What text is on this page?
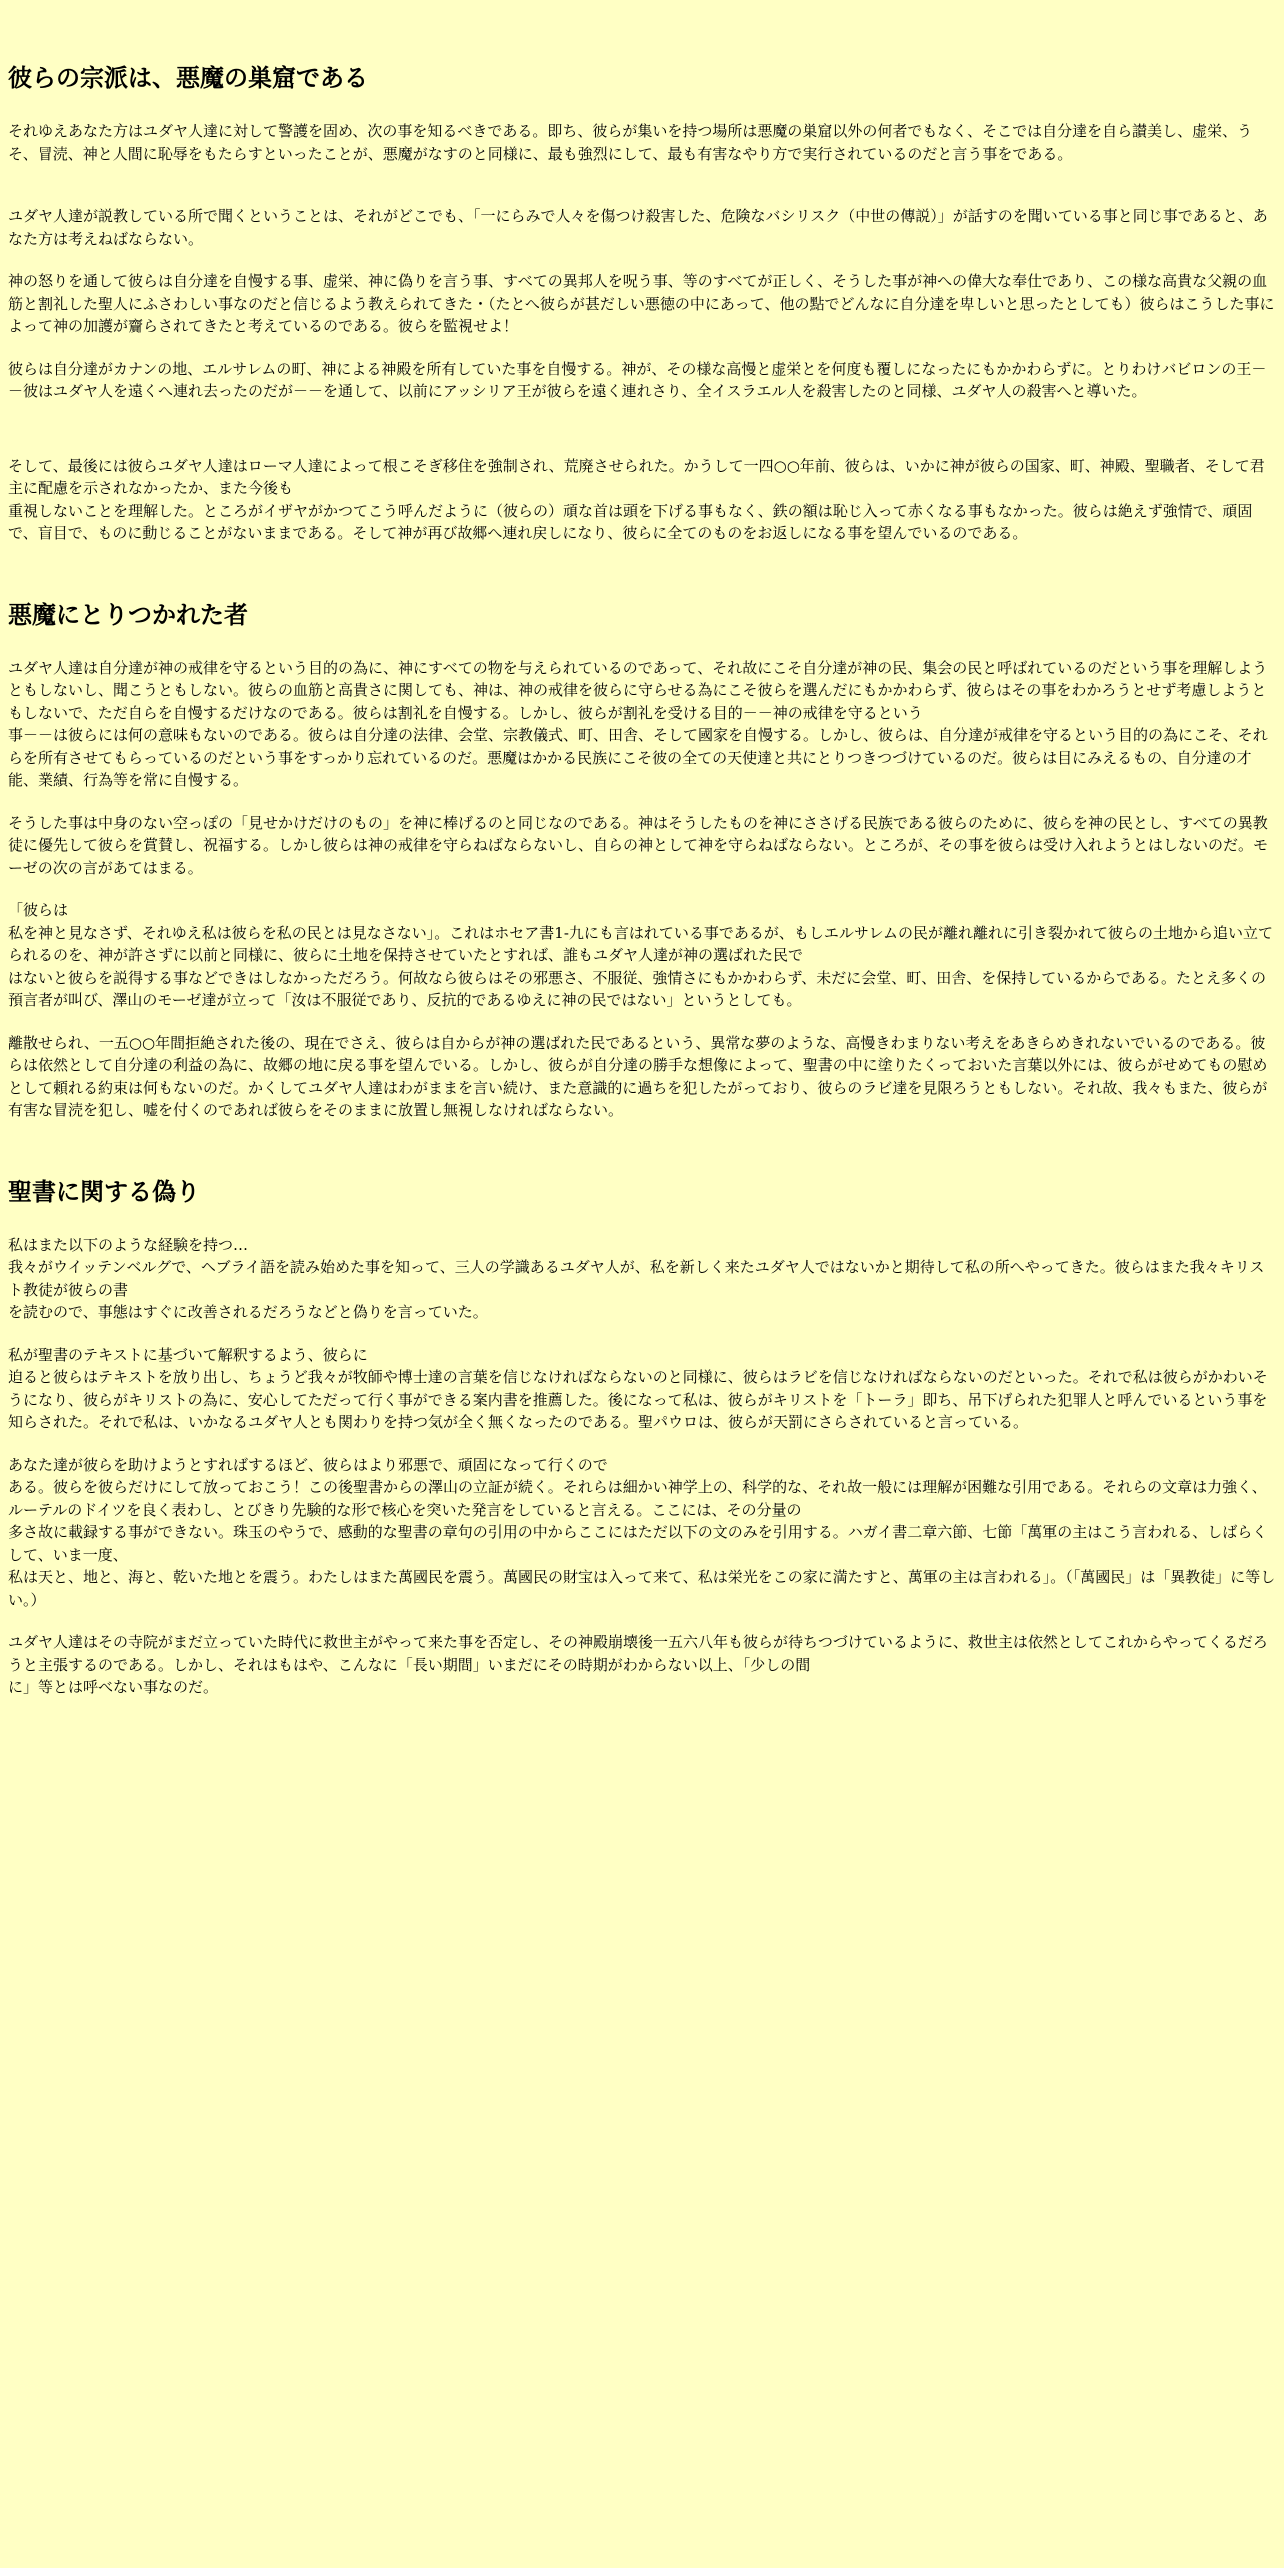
彼らの宗派は、悪魔の巣窟である

それゆえあなた方はユダヤ人達に対して警護を固め、次の事を知るべきである。即ち、彼らが集いを持つ場所は悪魔の巣窟以外の何者でもなく、そこでは自分達を自ら讃美し、虚栄、うそ、冒涜、神と人間に恥辱をもたらすといったことが、悪魔がなすのと同様に、最も強烈にして、最も有害なやり方で実行されているのだと言う事をである。

ユダヤ人達が説教している所で聞くということは、それがどこでも、「一にらみで人々を傷つけ殺害した、危険なバシリスク（中世の傳説）」が話すのを聞いている事と同じ事であると、あなた方は考えねばならない。

神の怒りを通して彼らは自分達を自慢する事、虚栄、神に偽りを言う事、すべての異邦人を呪う事、等のすべてが正しく、そうした事が神への偉大な奉仕であり、この様な高貴な父親の血筋と割礼した聖人にふさわしい事なのだと信じるよう教えられてきた・（たとへ彼らが甚だしい悪徳の中にあって、他の點でどんなに自分達を卑しいと思ったとしても）彼らはこうした事によって神の加護が齎らされてきたと考えているのである。彼らを監視せよ！

彼らは自分達がカナンの地、エルサレムの町、神による神殿を所有していた事を自慢する。神が、その様な高慢と虚栄とを何度も覆しになったにもかかわらずに。とりわけバビロンの王－－彼はユダヤ人を遠くへ連れ去ったのだが－－を通して、以前にアッシリア王が彼らを遠く連れさり、全イスラエル人を殺害したのと同様、ユダヤ人の殺害へと導いた。

そして、最後には彼らユダヤ人達はローマ人達によって根こそぎ移住を強制され、荒廃させられた。かうして一四○○年前、彼らは、いかに神が彼らの国家、町、神殿、聖職者、そして君主に配慮を示されなかったか、また今後も
重視しないことを理解した。ところがイザヤがかつてこう呼んだように（彼らの）頑な首は頭を下げる事もなく、鉄の額は恥じ入って赤くなる事もなかった。彼らは絶えず強情で、頑固で、盲目で、ものに動じることがないままである。そして神が再び故郷へ連れ戻しになり、彼らに全てのものをお返しになる事を望んでいるのである。
悪魔にとりつかれた者
ユダヤ人達は自分達が神の戒律を守るという目的の為に、神にすべての物を与えられているのであって、それ故にこそ自分達が神の民、集会の民と呼ばれているのだという事を理解しようともしないし、聞こうともしない。彼らの血筋と高貴さに関しても、神は、神の戒律を彼らに守らせる為にこそ彼らを選んだにもかかわらず、彼らはその事をわかろうとせず考慮しようともしないで、ただ自らを自慢するだけなのである。彼らは割礼を自慢する。しかし、彼らが割礼を受ける目的－－神の戒律を守るという
事－－は彼らには何の意味もないのである。彼らは自分達の法律、会堂、宗教儀式、町、田舎、そして國家を自慢する。しかし、彼らは、自分達が戒律を守るという目的の為にこそ、それらを所有させてもらっているのだという事をすっかり忘れているのだ。悪魔はかかる民族にこそ彼の全ての天使達と共にとりつきつづけているのだ。彼らは目にみえるもの、自分達の才能、業績、行為等を常に自慢する。

そうした事は中身のない空っぽの「見せかけだけのもの」を神に棒げるのと同じなのである。神はそうしたものを神にささげる民族である彼らのために、彼らを神の民とし、すべての異教徒に優先して彼らを賞賛し、祝福する。しかし彼らは神の戒律を守らねばならないし、自らの神として神を守らねばならない。ところが、その事を彼らは受け入れようとはしないのだ。モーゼの次の言があてはまる。

「彼らは
私を神と見なさず、それゆえ私は彼らを私の民とは見なさない」。これはホセア書1-九にも言はれている事であるが、もしエルサレムの民が離れ離れに引き裂かれて彼らの土地から追い立てられるのを、神が許さずに以前と同様に、彼らに土地を保持させていたとすれば、誰もユダヤ人達が神の選ばれた民で
はないと彼らを説得する事などできはしなかっただろう。何故なら彼らはその邪悪さ、不服従、強情さにもかかわらず、未だに会堂、町、田舎、を保持しているからである。たとえ多くの預言者が叫び、澤山のモーゼ達が立って「汝は不服従であり、反抗的であるゆえに神の民ではない」というとしても。

離散せられ、一五○○年間拒絶された後の、現在でさえ、彼らは自からが神の選ばれた民であるという、異常な夢のような、高慢きわまりない考えをあきらめきれないでいるのである。彼らは依然として自分達の利益の為に、故郷の地に戻る事を望んでいる。しかし、彼らが自分達の勝手な想像によって、聖書の中に塗りたくっておいた言葉以外には、彼らがせめてもの慰めとして頼れる約束は何もないのだ。かくしてユダヤ人達はわがままを言い続け、また意識的に過ちを犯したがっており、彼らのラビ達を見限ろうともしない。それ故、我々もまた、彼らが有害な冒涜を犯し、嘘を付くのであれば彼らをそのままに放置し無視しなければならない。

聖書に関する偽り
私はまた以下のような経験を持つ…
我々がウイッテンベルグで、ヘブライ語を読み始めた事を知って、三人の学識あるユダヤ人が、私を新しく来たユダヤ人ではないかと期待して私の所へやってきた。彼らはまた我々キリスト教徒が彼らの書
を読むので、事態はすぐに改善されるだろうなどと偽りを言っていた。
私が聖書のテキストに基づいて解釈するよう、彼らに
迫ると彼らはテキストを放り出し、ちょうど我々が牧師や博士達の言葉を信じなければならないのと同様に、彼らはラビを信じなければならないのだといった。それで私は彼らがかわいそうになり、彼らがキリストの為に、安心してただって行く事ができる案内書を推薦した。後になって私は、彼らがキリストを「トーラ」即ち、吊下げられた犯罪人と呼んでいるという事を知らされた。それで私は、いかなるユダヤ人とも関わりを持つ気が全く無くなったのである。聖パウロは、彼らが天罰にさらされていると言っている。
あなた達が彼らを助けようとすればするほど、彼らはより邪悪で、頑固になって行くので
ある。彼らを彼らだけにして放っておこう！この後聖書からの澤山の立証が続く。それらは細かい神学上の、科学的な、それ故一般には理解が困難な引用である。それらの文章は力強く、ルーテルのドイツを良く表わし、とびきり先験的な形で核心を突いた発言をしていると言える。ここには、その分量の
多さ故に載録する事ができない。珠玉のやうで、感動的な聖書の章句の引用の中からここにはただ以下の文のみを引用する。ハガイ書二章六節、七節「萬軍の主はこう言われる、しばらくして、いま一度、
私は天と、地と、海と、乾いた地とを震う。わたしはまた萬國民を震う。萬國民の財宝は入って来て、私は栄光をこの家に満たすと、萬軍の主は言われる」。（「萬國民」は「異教徒」に等しい。）
ユダヤ人達はその寺院がまだ立っていた時代に救世主がやって来た事を否定し、その神殿崩壊後一五六八年も彼らが待ちつづけているように、救世主は依然としてこれからやってくるだろうと主張するのである。しかし、それはもはや、こんなに「長い期間」いまだにその時期がわからない以上、「少しの間
に」等とは呼べない事なのだ。
